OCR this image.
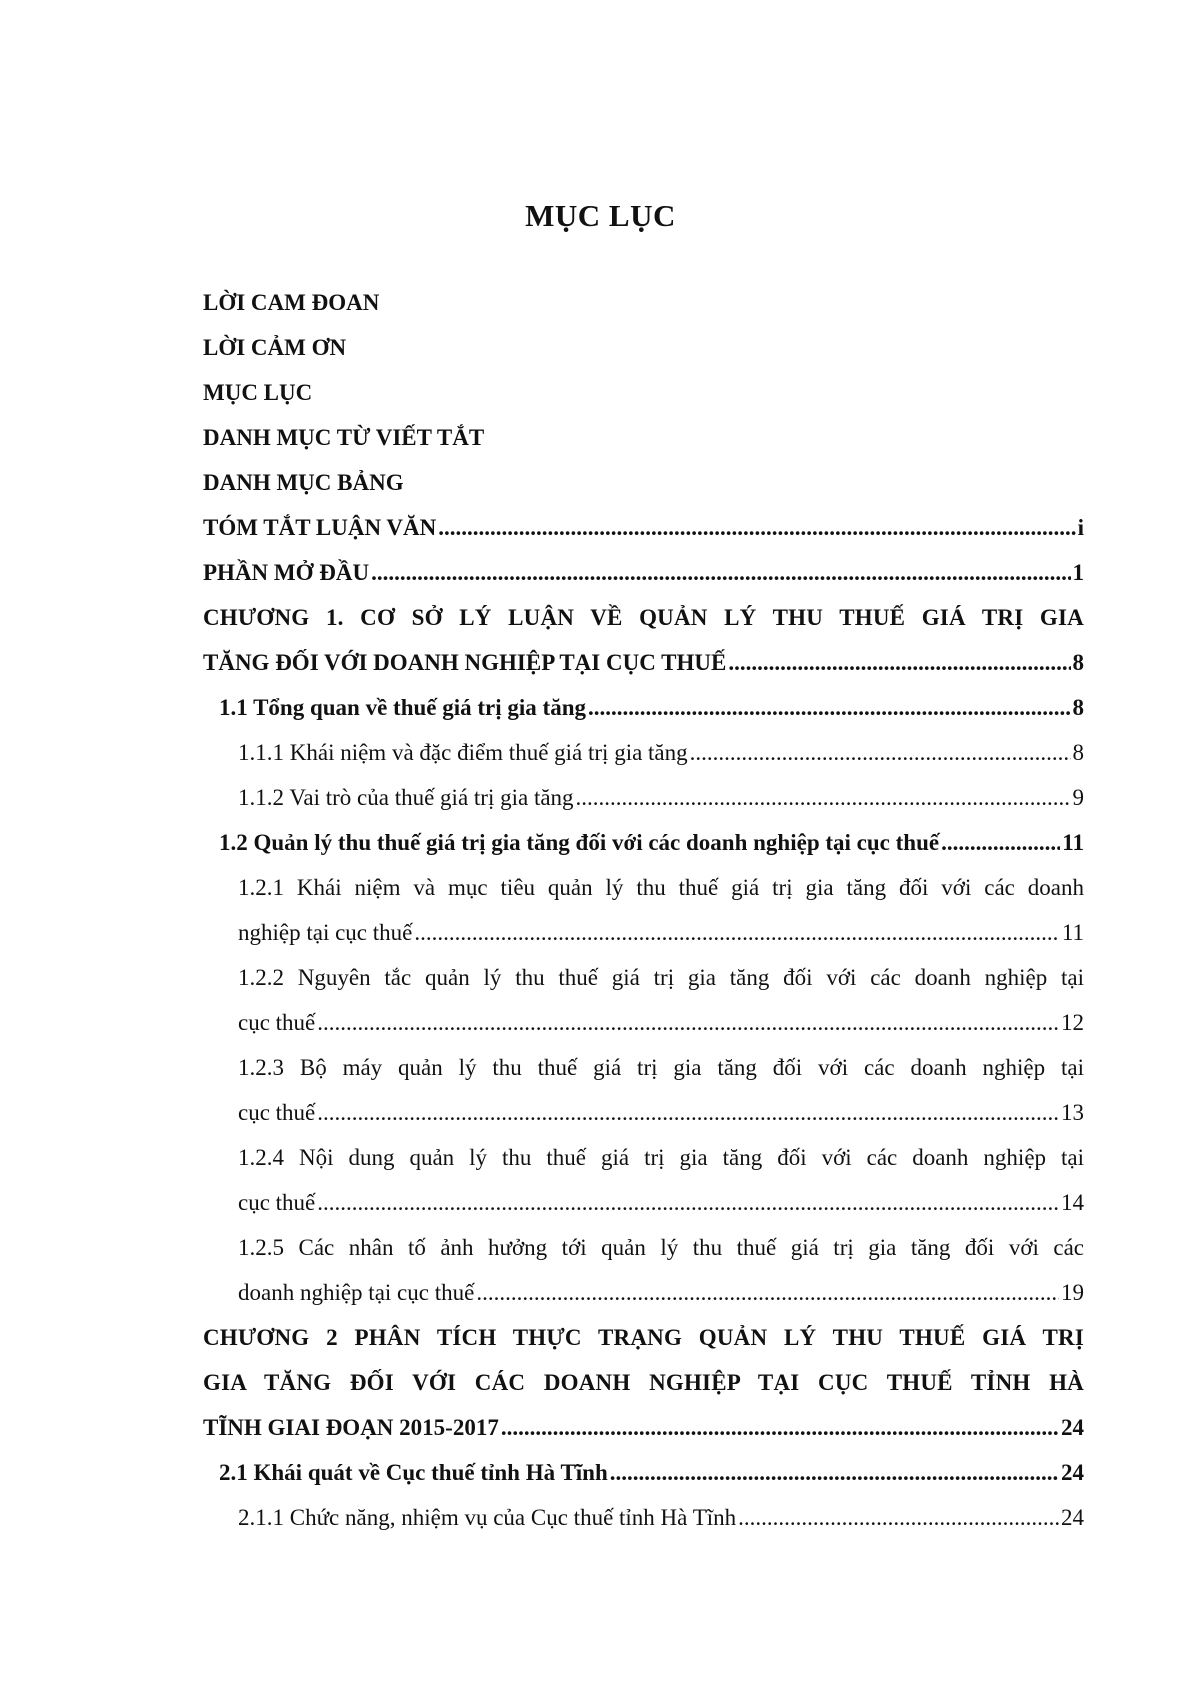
MỤC LỤC
LỜI CAM ĐOAN
LỜI CẢM ƠN
MỤC LỤC
DANH MỤC TỪ VIẾT TẮT
DANH MỤC BẢNG
TÓM TẮT LUẬN VĂN .....	i
PHẦN MỞ ĐẦU .....	1
CHƯƠNG 1. CƠ SỞ LÝ LUẬN VỀ QUẢN LÝ THU THUẾ GIÁ TRỊ GIA
TĂNG ĐỐI VỚI DOANH NGHIỆP TẠI CỤC THUẾ .....	8
1.1 Tổng quan về thuế giá trị gia tăng .....	8
1.1.1 Khái niệm và đặc điểm thuế giá trị gia tăng .....	8
1.1.2 Vai trò của thuế giá trị gia tăng .....	9
1.2 Quản lý thu thuế giá trị gia tăng đối với các doanh nghiệp tại cục thuế .....	11
1.2.1 Khái niệm và mục tiêu quản lý thu thuế giá trị gia tăng đối với các doanh
nghiệp tại cục thuế .....	11
1.2.2 Nguyên tắc quản lý thu thuế giá trị gia tăng đối với các doanh nghiệp tại
cục thuế .....	12
1.2.3 Bộ máy quản lý thu thuế giá trị gia tăng đối với các doanh nghiệp tại
cục thuế .....	13
1.2.4 Nội dung quản lý thu thuế giá trị gia tăng đối với các doanh nghiệp tại
cục thuế .....	14
1.2.5 Các nhân tố ảnh hưởng tới quản lý thu thuế giá trị gia tăng đối với các
doanh nghiệp tại cục thuế .....	19
CHƯƠNG 2 PHÂN TÍCH THỰC TRẠNG QUẢN LÝ THU THUẾ GIÁ TRỊ
GIA TĂNG ĐỐI VỚI CÁC DOANH NGHIỆP TẠI CỤC THUẾ TỈNH HÀ
TĨNH GIAI ĐOẠN 2015-2017 .....	24
2.1 Khái quát về Cục thuế tỉnh Hà Tĩnh .....	24
2.1.1 Chức năng, nhiệm vụ của Cục thuế tỉnh Hà Tĩnh .....	24
